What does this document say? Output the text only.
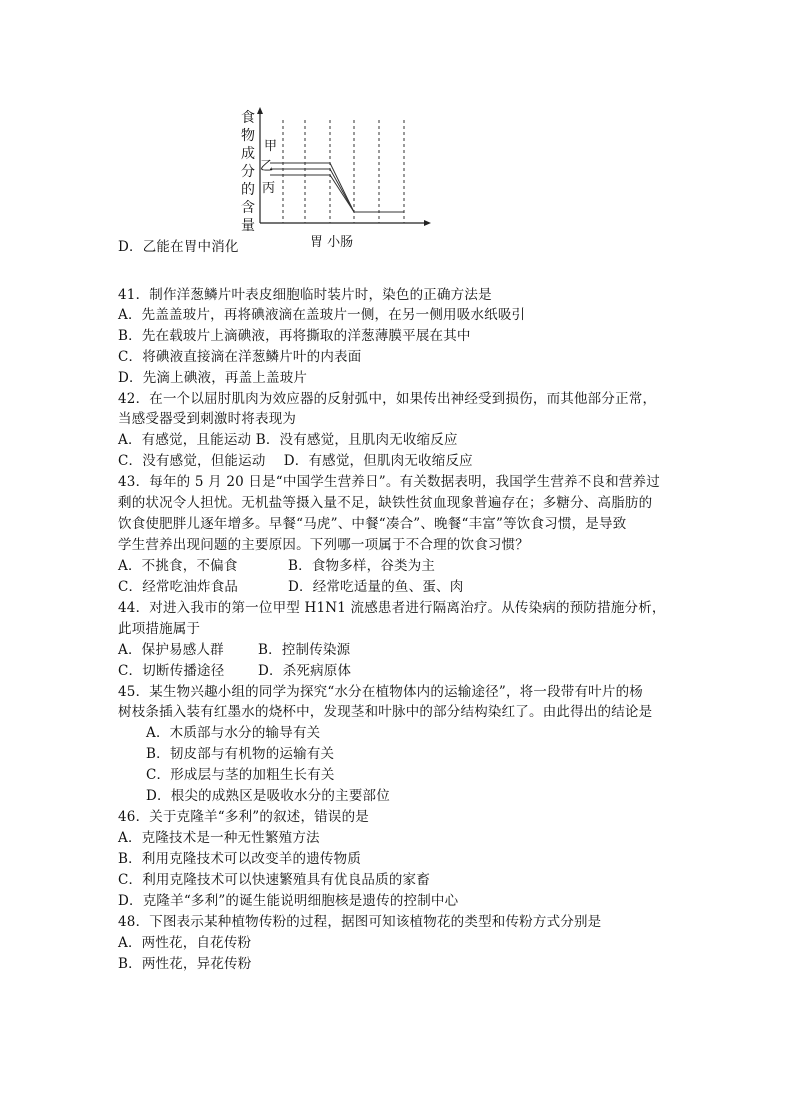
食
物
成
分
的
含
量
甲
乙
丙
胃 小肠
D．乙能在胃中消化
41．制作洋葱鳞片叶表皮细胞临时装片时，染色的正确方法是
A．先盖盖玻片，再将碘液滴在盖玻片一侧，在另一侧用吸水纸吸引
B．先在载玻片上滴碘液，再将撕取的洋葱薄膜平展在其中
C．将碘液直接滴在洋葱鳞片叶的内表面
D．先滴上碘液，再盖上盖玻片
42．在一个以屈肘肌肉为效应器的反射弧中，如果传出神经受到损伤，而其他部分正常，
当感受器受到刺激时将表现为
A．有感觉，且能运动 B．没有感觉，且肌肉无收缩反应
C．没有感觉，但能运动　 D．有感觉，但肌肉无收缩反应
43．每年的 5 月 20 日是“中国学生营养日”。有关数据表明，我国学生营养不良和营养过
剩的状况令人担忧。无机盐等摄入量不足，缺铁性贫血现象普遍存在；多糖分、高脂肪的
饮食使肥胖儿逐年增多。早餐“马虎”、中餐“凑合”、晚餐“丰富”等饮食习惯，是导致
学生营养出现问题的主要原因。下列哪一项属于不合理的饮食习惯？
A．不挑食，不偏食	B．食物多样，谷类为主
C．经常吃油炸食品	D．经常吃适量的鱼、蛋、肉
44．对进入我市的第一位甲型 H1N1 流感患者进行隔离治疗。从传染病的预防措施分析，
此项措施属于
A．保护易感人群	B．控制传染源
C．切断传播途径 D．杀死病原体
45．某生物兴趣小组的同学为探究“水分在植物体内的运输途径”，将一段带有叶片的杨
树枝条插入装有红墨水的烧杯中，发现茎和叶脉中的部分结构染红了。由此得出的结论是
A．木质部与水分的输导有关
B．韧皮部与有机物的运输有关
C．形成层与茎的加粗生长有关
D．根尖的成熟区是吸收水分的主要部位
46．关于克隆羊“多利”的叙述，错误的是
A．克隆技术是一种无性繁殖方法
B．利用克隆技术可以改变羊的遗传物质
C．利用克隆技术可以快速繁殖具有优良品质的家畜
D．克隆羊“多利”的诞生能说明细胞核是遗传的控制中心
48．下图表示某种植物传粉的过程，据图可知该植物花的类型和传粉方式分别是
A．两性花，自花传粉
B．两性花，异花传粉
